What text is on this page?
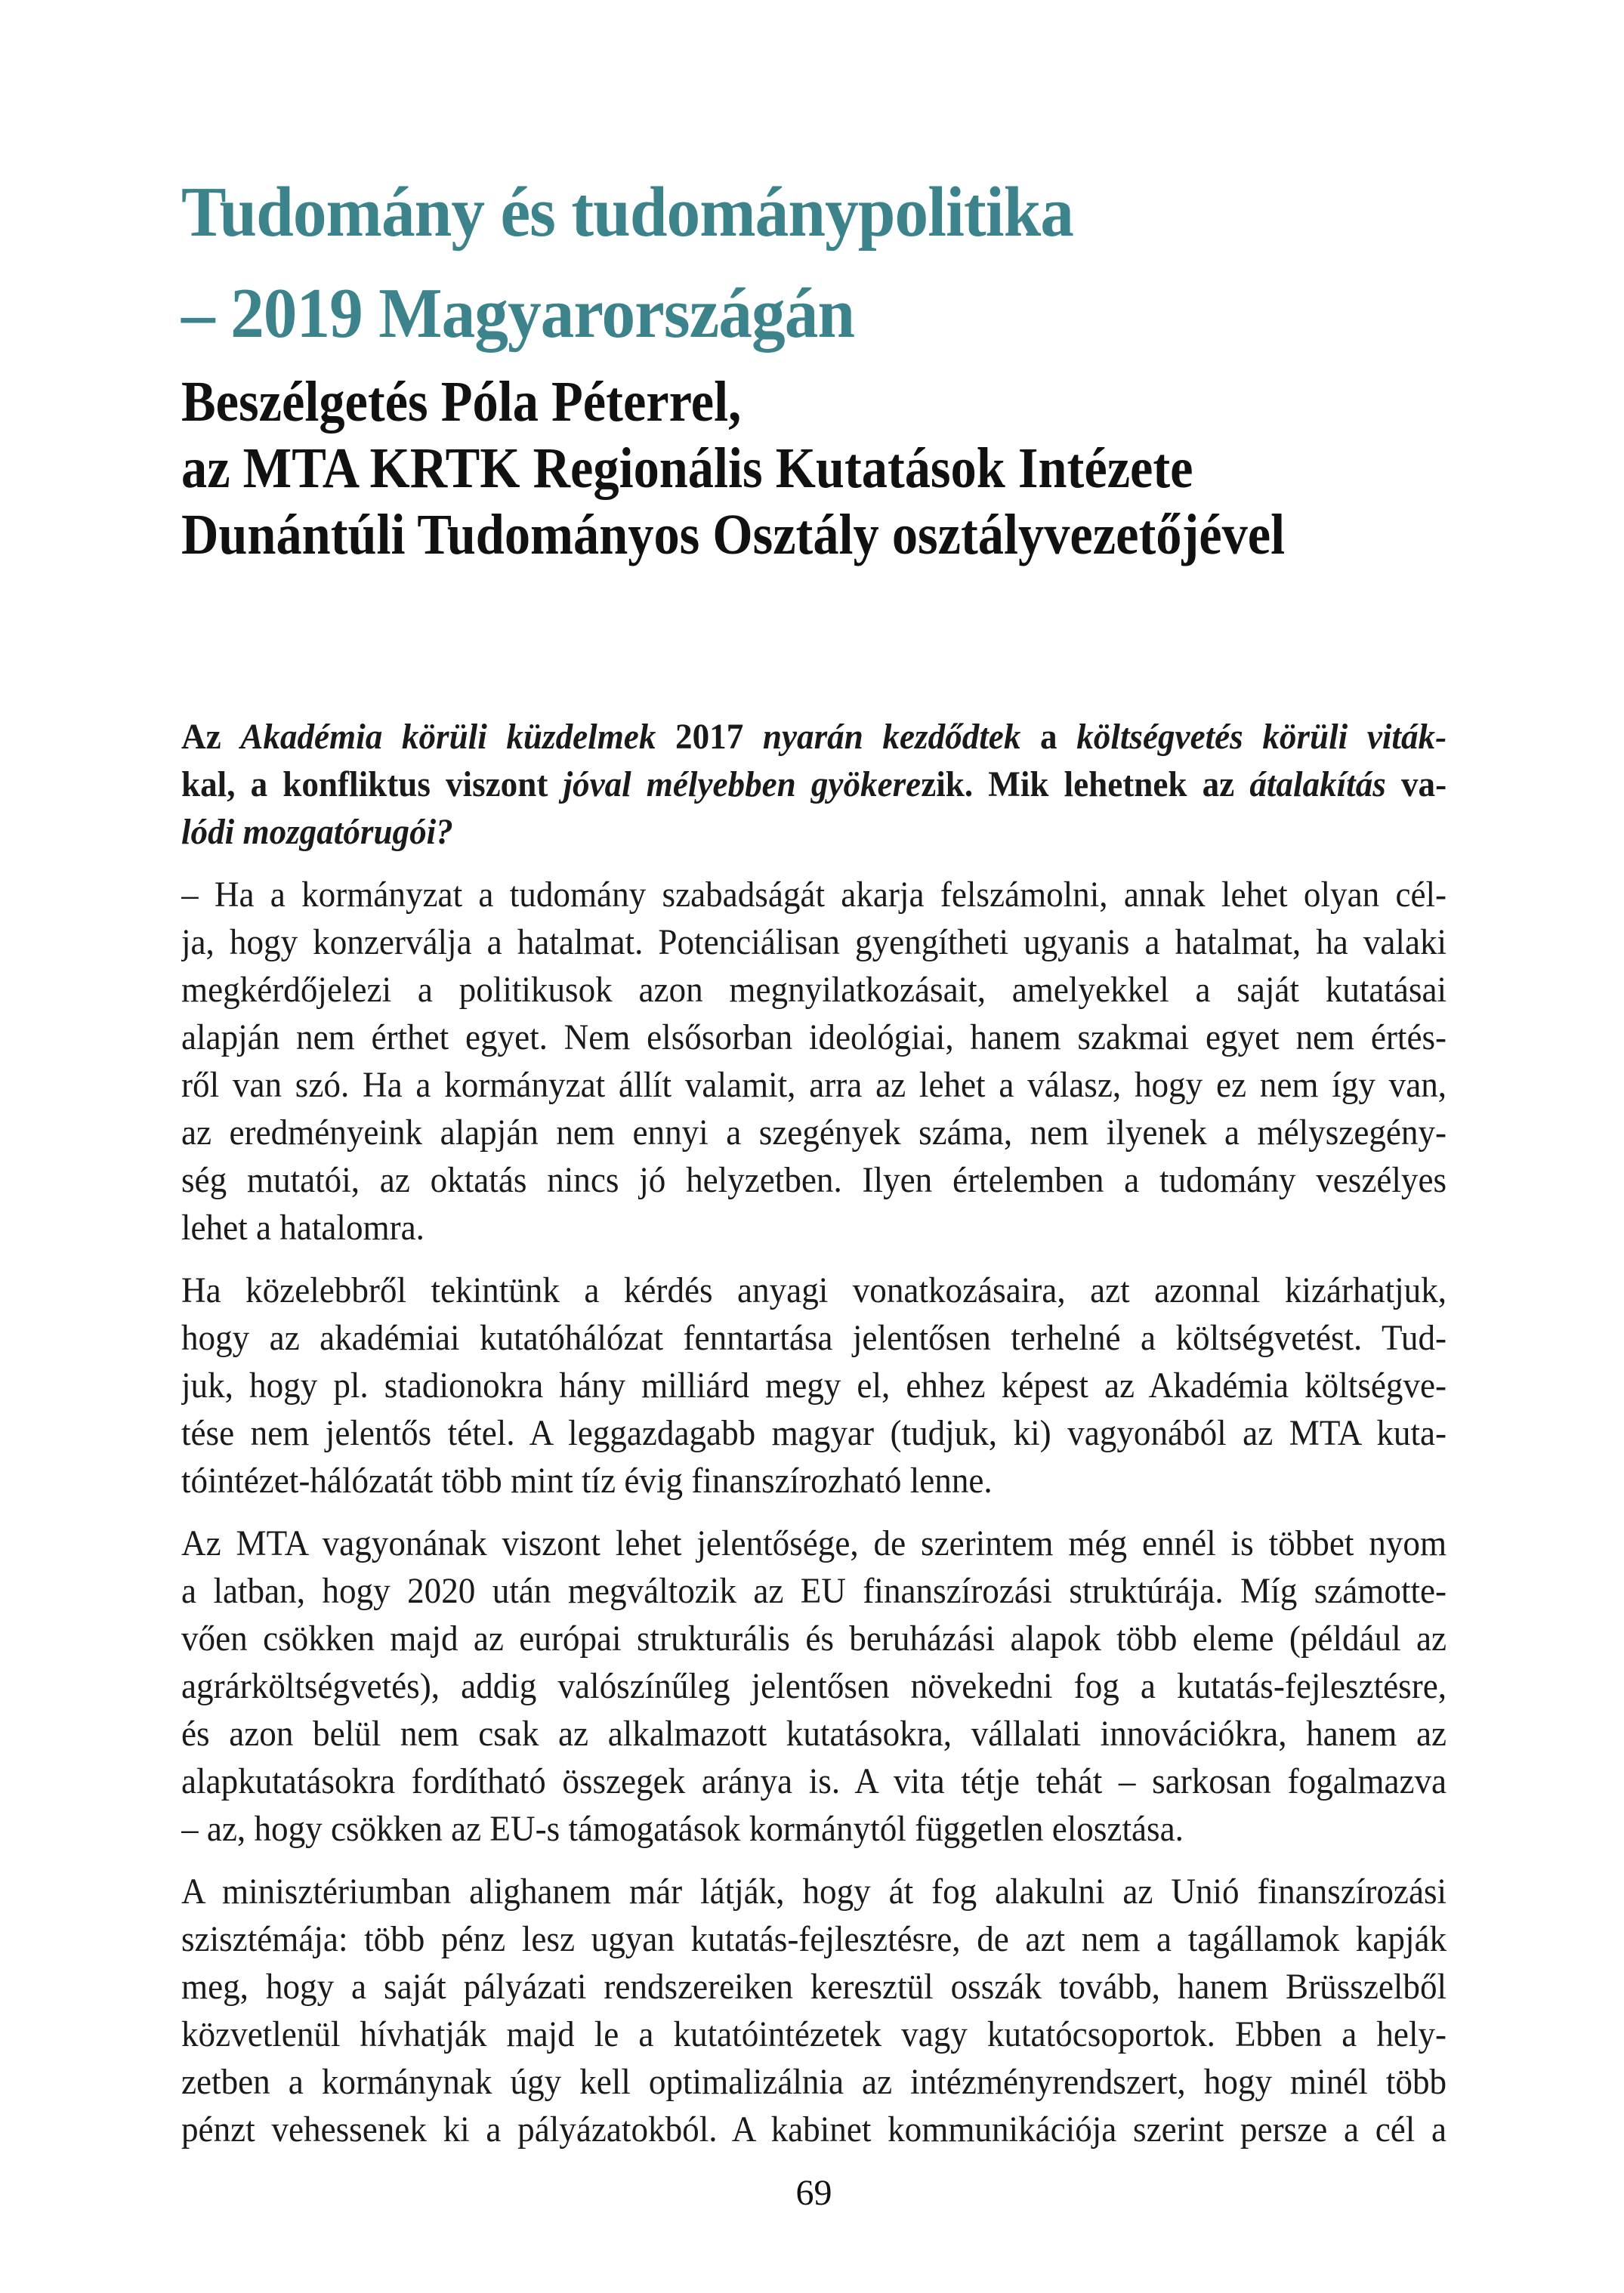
Tudomány és tudománypolitika
– 2019 Magyarországán
Beszélgetés Póla Péterrel,
az MTA KRTK Regionális Kutatások Intézete
Dunántúli Tudományos Osztály osztályvezetőjével
Az Akadémia körüli küzdelmek 2017 nyarán kezdődtek a költségvetés körüli viták-
kal, a konfliktus viszont jóval mélyebben gyökerezik. Mik lehetnek az átalakítás va-
lódi mozgatórugói?
– Ha a kormányzat a tudomány szabadságát akarja felszámolni, annak lehet olyan cél-
ja, hogy konzerválja a hatalmat. Potenciálisan gyengítheti ugyanis a hatalmat, ha valaki
megkérdőjelezi a politikusok azon megnyilatkozásait, amelyekkel a saját kutatásai
alapján nem érthet egyet. Nem elsősorban ideológiai, hanem szakmai egyet nem értés-
ről van szó. Ha a kormányzat állít valamit, arra az lehet a válasz, hogy ez nem így van,
az eredményeink alapján nem ennyi a szegények száma, nem ilyenek a mélyszegény-
ség mutatói, az oktatás nincs jó helyzetben. Ilyen értelemben a tudomány veszélyes
lehet a hatalomra.
Ha közelebbről tekintünk a kérdés anyagi vonatkozásaira, azt azonnal kizárhatjuk,
hogy az akadémiai kutatóhálózat fenntartása jelentősen terhelné a költségvetést. Tud-
juk, hogy pl. stadionokra hány milliárd megy el, ehhez képest az Akadémia költségve-
tése nem jelentős tétel. A leggazdagabb magyar (tudjuk, ki) vagyonából az MTA kuta-
tóintézet-hálózatát több mint tíz évig finanszírozható lenne.
Az MTA vagyonának viszont lehet jelentősége, de szerintem még ennél is többet nyom
a latban, hogy 2020 után megváltozik az EU finanszírozási struktúrája. Míg számotte-
vően csökken majd az európai strukturális és beruházási alapok több eleme (például az
agrárköltségvetés), addig valószínűleg jelentősen növekedni fog a kutatás-fejlesztésre,
és azon belül nem csak az alkalmazott kutatásokra, vállalati innovációkra, hanem az
alapkutatásokra fordítható összegek aránya is. A vita tétje tehát – sarkosan fogalmazva
– az, hogy csökken az EU-s támogatások kormánytól független elosztása.
A minisztériumban alighanem már látják, hogy át fog alakulni az Unió finanszírozási
szisztémája: több pénz lesz ugyan kutatás-fejlesztésre, de azt nem a tagállamok kapják
meg, hogy a saját pályázati rendszereiken keresztül osszák tovább, hanem Brüsszelből
közvetlenül hívhatják majd le a kutatóintézetek vagy kutatócsoportok. Ebben a hely-
zetben a kormánynak úgy kell optimalizálnia az intézményrendszert, hogy minél több
pénzt vehessenek ki a pályázatokból. A kabinet kommunikációja szerint persze a cél a
69
